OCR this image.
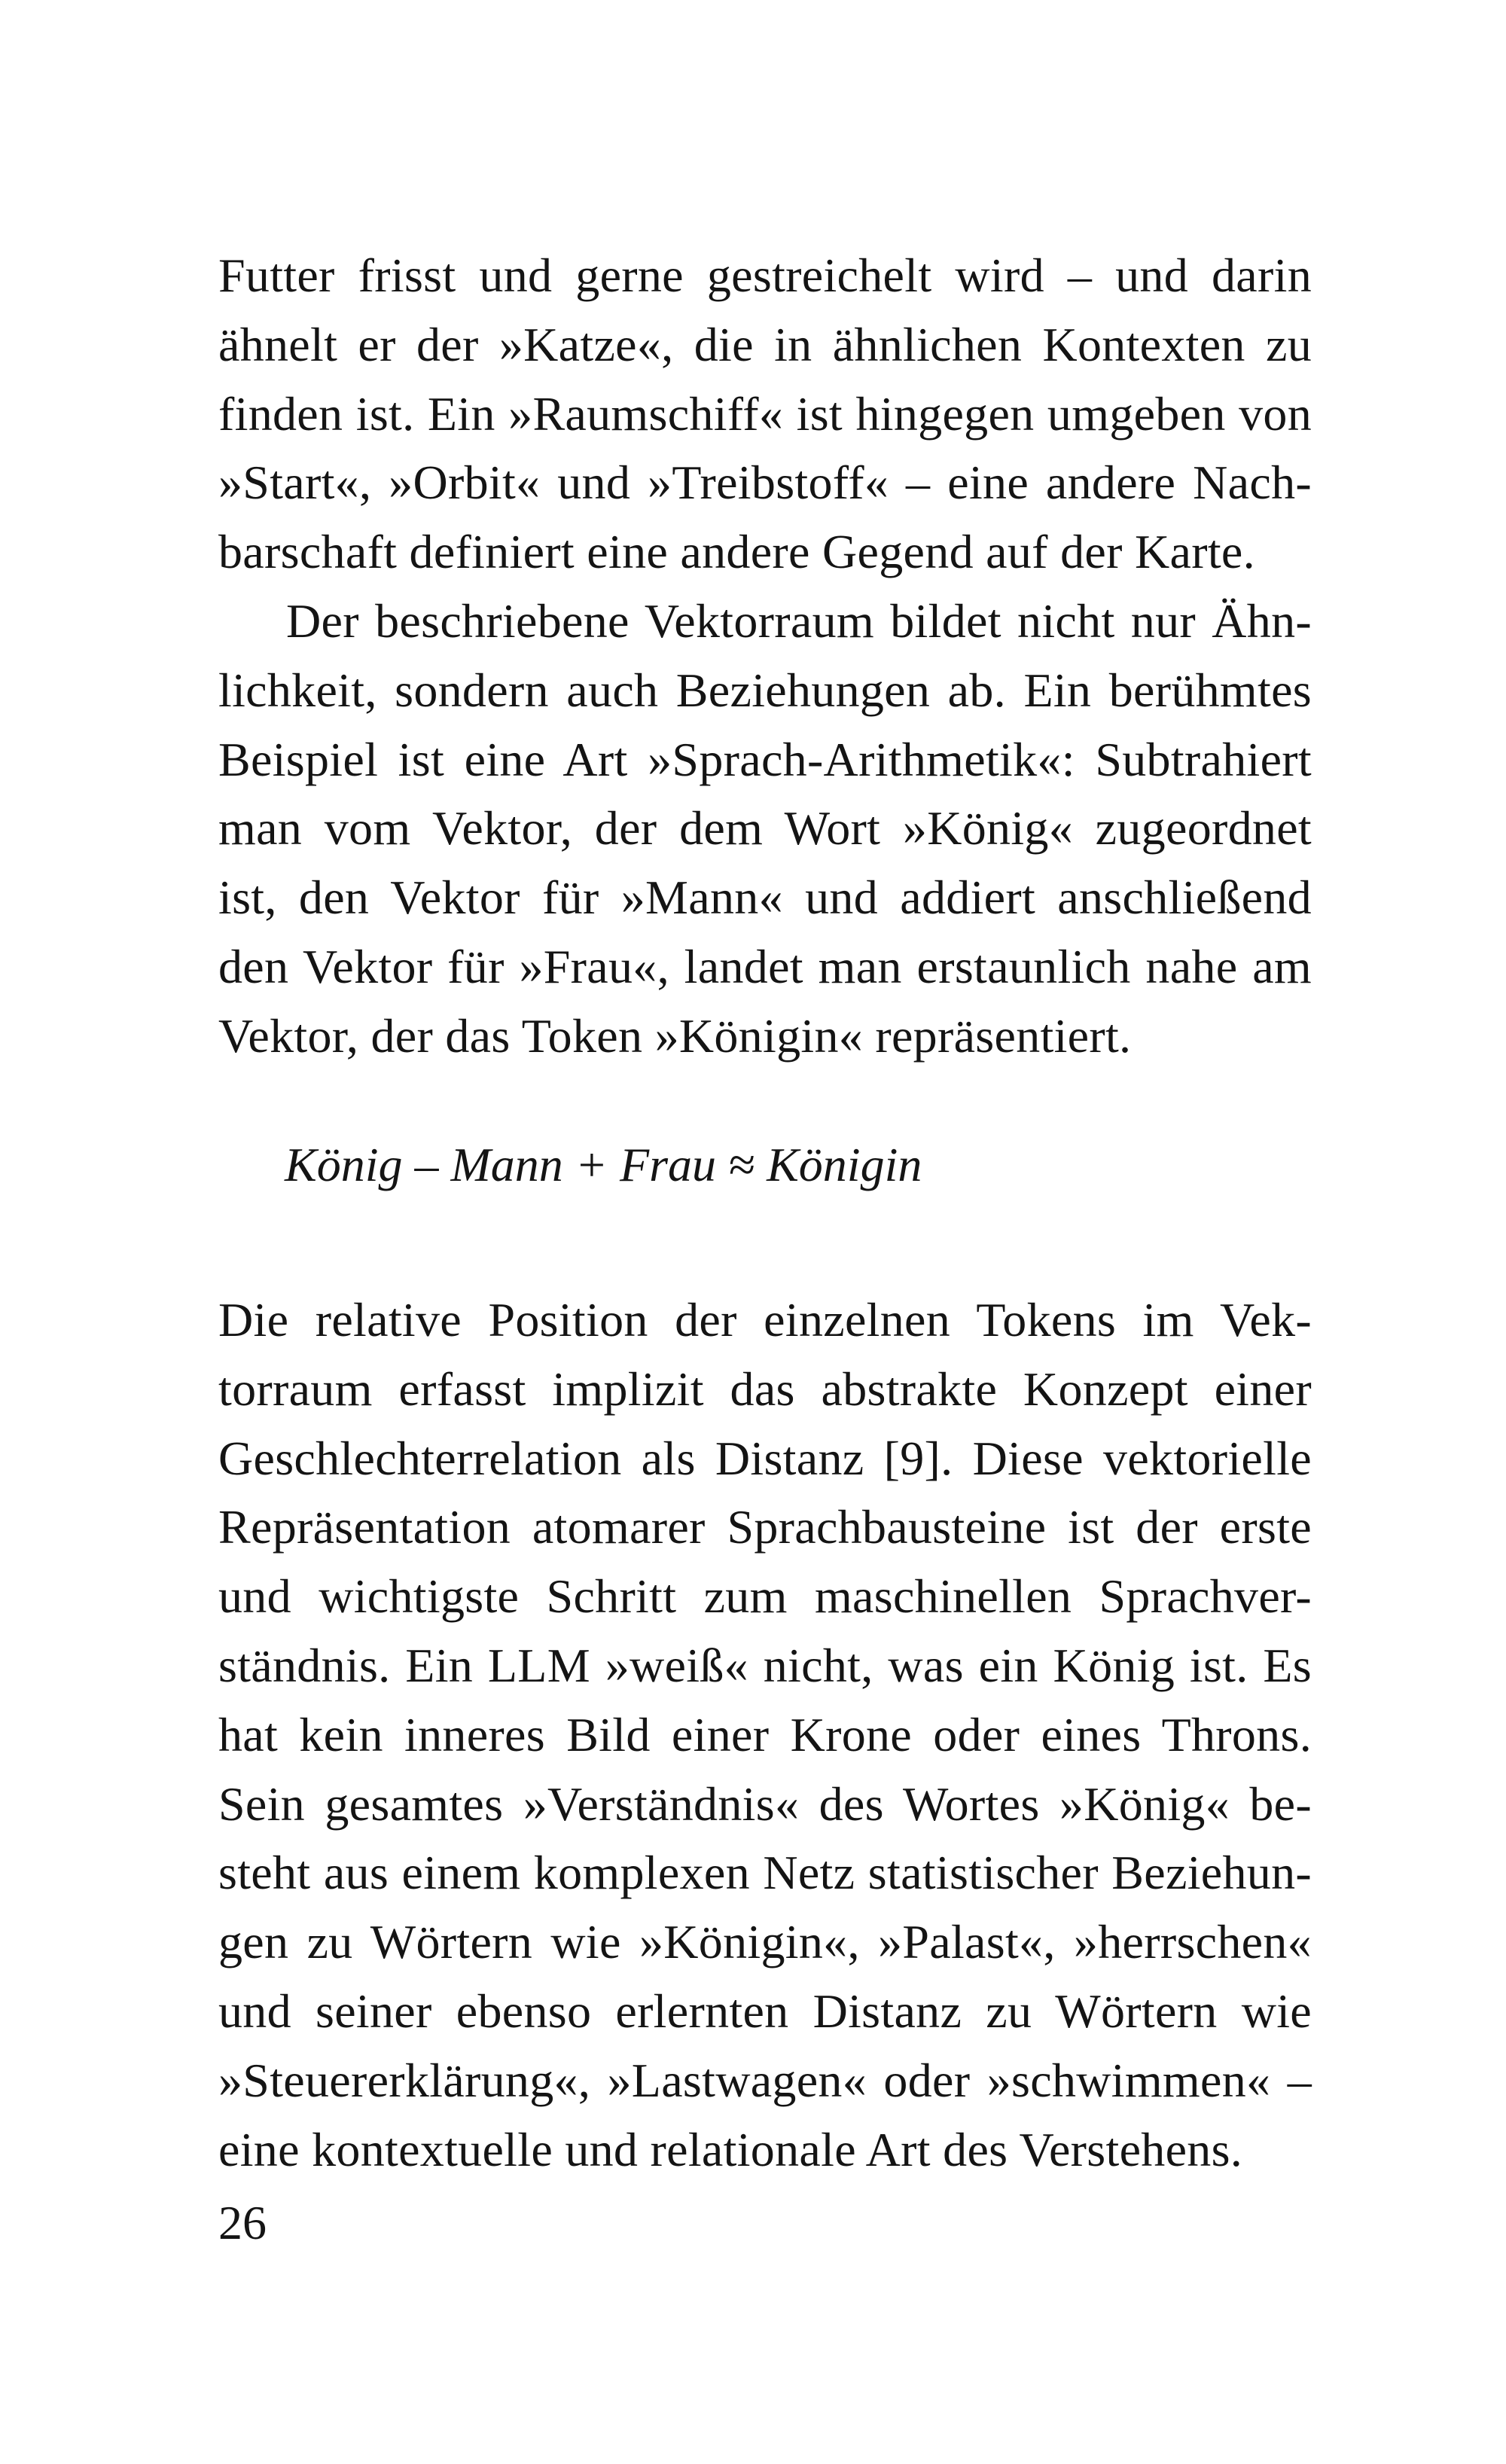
Futter frisst und gerne gestreichelt wird – und darin
ähnelt er der »Katze«, die in ähnlichen Kontexten zu
finden ist. Ein »Raumschiff« ist hingegen umgeben von
»Start«, »Orbit« und »Treibstoff« – eine andere Nach-
barschaft definiert eine andere Gegend auf der Karte.
Der beschriebene Vektorraum bildet nicht nur Ähn-
lichkeit, sondern auch Beziehungen ab. Ein berühmtes
Beispiel ist eine Art »Sprach-Arithmetik«: Subtrahiert
man vom Vektor, der dem Wort »König« zugeordnet
ist, den Vektor für »Mann« und addiert anschließend
den Vektor für »Frau«, landet man erstaunlich nahe am
Vektor, der das Token »Königin« repräsentiert.
König – Mann + Frau ≈ Königin
Die relative Position der einzelnen Tokens im Vek-
torraum erfasst implizit das abstrakte Konzept einer
Geschlechterrelation als Distanz [9]. Diese vektorielle
Repräsentation atomarer Sprachbausteine ist der erste
und wichtigste Schritt zum maschinellen Sprachver-
ständnis. Ein LLM »weiß« nicht, was ein König ist. Es
hat kein inneres Bild einer Krone oder eines Throns.
Sein gesamtes »Verständnis« des Wortes »König« be-
steht aus einem komplexen Netz statistischer Beziehun-
gen zu Wörtern wie »Königin«, »Palast«, »herrschen«
und seiner ebenso erlernten Distanz zu Wörtern wie
»Steuererklärung«, »Lastwagen« oder »schwimmen« –
eine kontextuelle und relationale Art des Verstehens.
26
